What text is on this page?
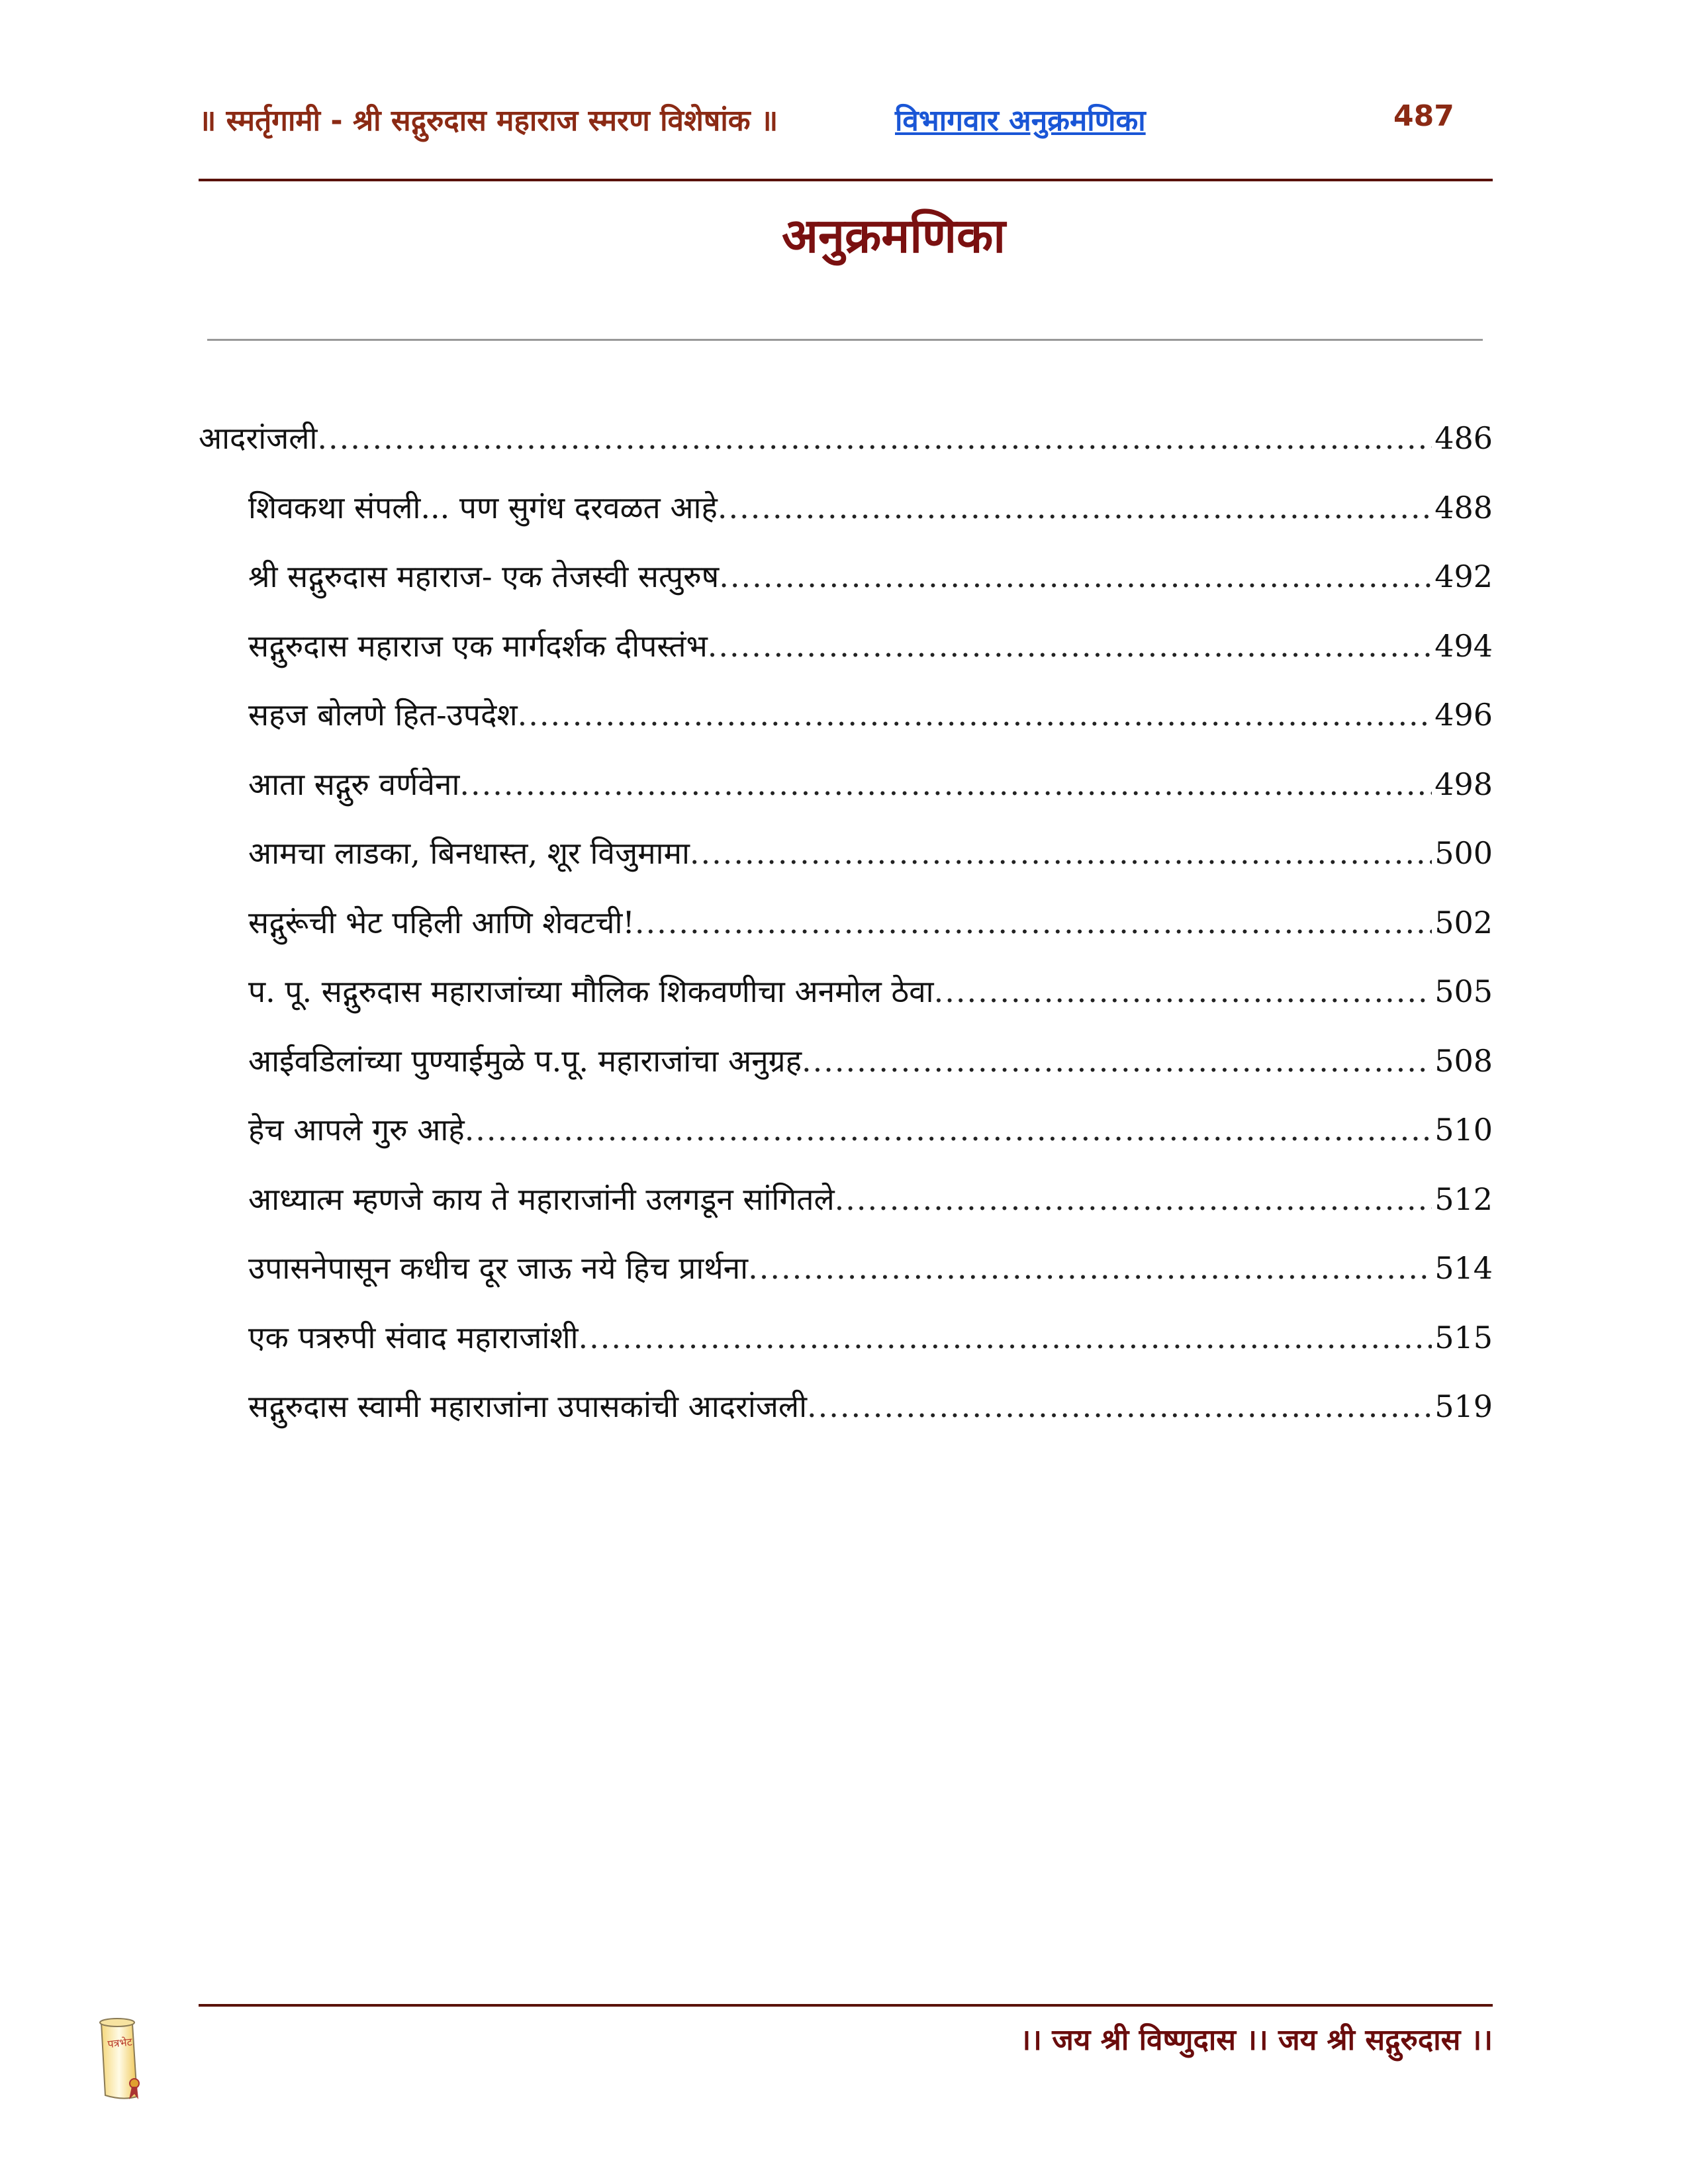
॥ स्मर्तृगामी - श्री सद्गुरुदास महाराज स्मरण विशेषांक ॥	विभागवार अनुक्रमणिका	487
अनुक्रमणिका
आदरांजली .....	486
शिवकथा संपली... पण सुगंध दरवळत आहे .....	488
श्री सद्गुरुदास महाराज- एक तेजस्वी सत्पुरुष .....	492
सद्गुरुदास महाराज एक मार्गदर्शक दीपस्तंभ .....	494
सहज बोलणे हित-उपदेश .....	496
आता सद्गुरु वर्णवेना .....	498
आमचा लाडका, बिनधास्त, शूर विजुमामा .....	500
सद्गुरूंची भेट पहिली आणि शेवटची! .....	502
प. पू. सद्गुरुदास महाराजांच्या मौलिक शिकवणीचा अनमोल ठेवा .....	505
आईवडिलांच्या पुण्याईमुळे प.पू. महाराजांचा अनुग्रह .....	508
हेच आपले गुरु आहे .....	510
आध्यात्म म्हणजे काय ते महाराजांनी उलगडून सांगितले .....	512
उपासनेपासून कधीच दूर जाऊ नये हिच प्रार्थना .....	514
एक पत्ररुपी संवाद महाराजांशी .....	515
सद्गुरुदास स्वामी महाराजांना उपासकांची आदरांजली .....	519
।। जय श्री विष्णुदास ।। जय श्री सद्गुरुदास ।।
पत्रभेट
